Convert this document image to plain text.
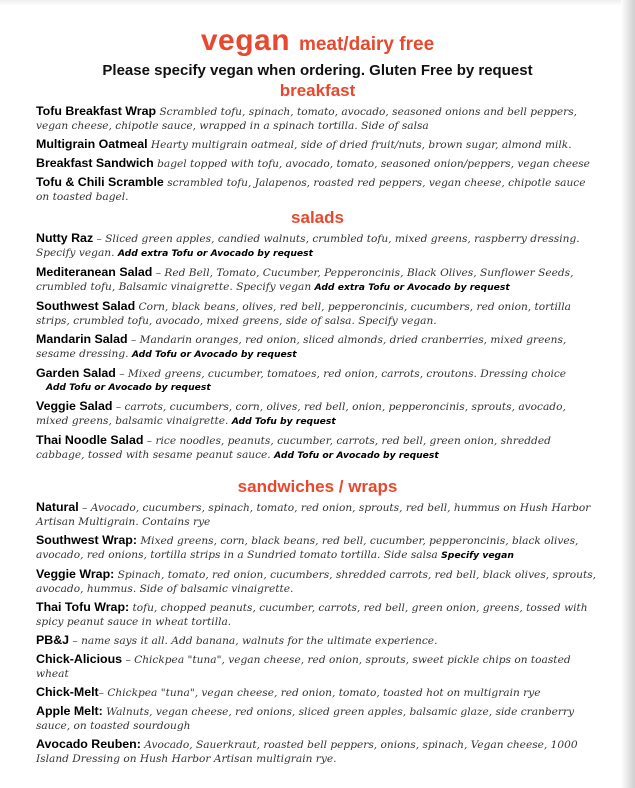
vegan meat/dairy free
Please specify vegan when ordering. Gluten Free by request
breakfast
Tofu Breakfast Wrap Scrambled tofu, spinach, tomato, avocado, seasoned onions and bell peppers, vegan cheese, chipotle sauce, wrapped in a spinach tortilla. Side of salsa
Multigrain Oatmeal Hearty multigrain oatmeal, side of dried fruit/nuts, brown sugar, almond milk.
Breakfast Sandwich bagel topped with tofu, avocado, tomato, seasoned onion/peppers, vegan cheese
Tofu & Chili Scramble scrambled tofu, Jalapenos, roasted red peppers, vegan cheese, chipotle sauce on toasted bagel.
salads
Nutty Raz – Sliced green apples, candied walnuts, crumbled tofu, mixed greens, raspberry dressing. Specify vegan. Add extra Tofu or Avocado by request
Mediteranean Salad – Red Bell, Tomato, Cucumber, Pepperoncinis, Black Olives, Sunflower Seeds, crumbled tofu, Balsamic vinaigrette. Specify vegan Add extra Tofu or Avocado by request
Southwest Salad Corn, black beans, olives, red bell, pepperoncinis, cucumbers, red onion, tortilla strips, crumbled tofu, avocado, mixed greens, side of salsa. Specify vegan.
Mandarin Salad – Mandarin oranges, red onion, sliced almonds, dried cranberries, mixed greens, sesame dressing. Add Tofu or Avocado by request
Garden Salad – Mixed greens, cucumber, tomatoes, red onion, carrots, croutons. Dressing choice
Add Tofu or Avocado by request
Veggie Salad – carrots, cucumbers, corn, olives, red bell, onion, pepperoncinis, sprouts, avocado, mixed greens, balsamic vinaigrette. Add Tofu by request
Thai Noodle Salad – rice noodles, peanuts, cucumber, carrots, red bell, green onion, shredded cabbage, tossed with sesame peanut sauce. Add Tofu or Avocado by request
sandwiches / wraps
Natural – Avocado, cucumbers, spinach, tomato, red onion, sprouts, red bell, hummus on Hush Harbor Artisan Multigrain. Contains rye
Southwest Wrap: Mixed greens, corn, black beans, red bell, cucumber, pepperoncinis, black olives, avocado, red onions, tortilla strips in a Sundried tomato tortilla. Side salsa Specify vegan
Veggie Wrap: Spinach, tomato, red onion, cucumbers, shredded carrots, red bell, black olives, sprouts, avocado, hummus. Side of balsamic vinaigrette.
Thai Tofu Wrap: tofu, chopped peanuts, cucumber, carrots, red bell, green onion, greens, tossed with spicy peanut sauce in wheat tortilla.
PB&J – name says it all. Add banana, walnuts for the ultimate experience.
Chick-Alicious – Chickpea "tuna", vegan cheese, red onion, sprouts, sweet pickle chips on toasted wheat
Chick-Melt– Chickpea "tuna", vegan cheese, red onion, tomato, toasted hot on multigrain rye
Apple Melt: Walnuts, vegan cheese, red onions, sliced green apples, balsamic glaze, side cranberry sauce, on toasted sourdough
Avocado Reuben: Avocado, Sauerkraut, roasted bell peppers, onions, spinach, Vegan cheese, 1000 Island Dressing on Hush Harbor Artisan multigrain rye.
